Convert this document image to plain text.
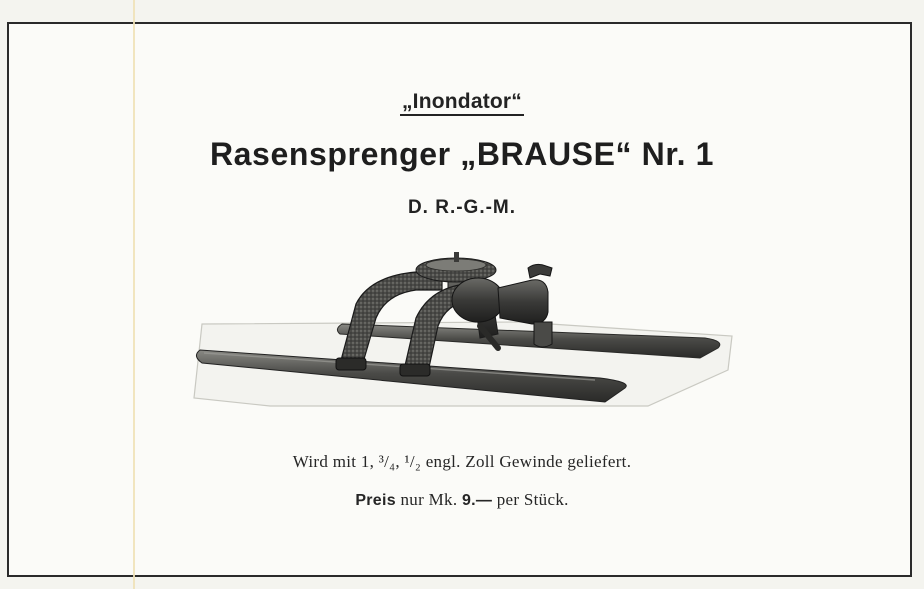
„Inondator“
Rasensprenger „BRAUSE“ Nr. 1
D. R.-G.-M.
Wird mit 1, ³/₄, ¹/₂ engl. Zoll Gewinde geliefert.
Preis nur Mk. 9.— per Stück.
